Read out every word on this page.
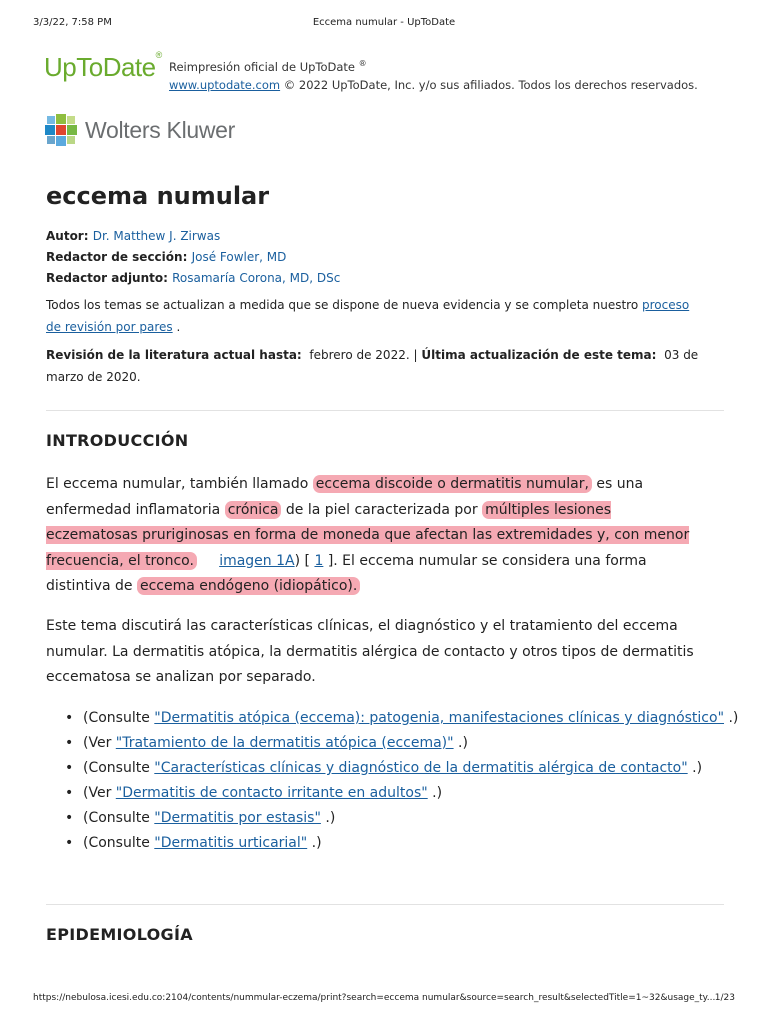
3/3/22, 7:58 PM	Eccema numular - UpToDate
UpToDate®
Reimpresión oficial de UpToDate ®
www.uptodate.com © 2022 UpToDate, Inc. y/o sus afiliados. Todos los derechos reservados.
Wolters Kluwer
eccema numular
Autor: Dr. Matthew J. Zirwas
Redactor de sección: José Fowler, MD
Redactor adjunto: Rosamaría Corona, MD, DSc
Todos los temas se actualizan a medida que se dispone de nueva evidencia y se completa nuestro proceso de revisión por pares .
Revisión de la literatura actual hasta: febrero de 2022. | Última actualización de este tema: 03 de marzo de 2020.
INTRODUCCIÓN
El eccema numular, también llamado eccema discoide o dermatitis numular, es una enfermedad inflamatoria crónica de la piel caracterizada por múltiples lesiones eczematosas pruriginosas en forma de moneda que afectan las extremidades y, con menor frecuencia, el tronco. imagen 1A) [ 1 ]. El eccema numular se considera una forma distintiva de eccema endógeno (idiopático).
Este tema discutirá las características clínicas, el diagnóstico y el tratamiento del eccema numular. La dermatitis atópica, la dermatitis alérgica de contacto y otros tipos de dermatitis eccematosa se analizan por separado.
• (Consulte "Dermatitis atópica (eccema): patogenia, manifestaciones clínicas y diagnóstico" .)
• (Ver "Tratamiento de la dermatitis atópica (eccema)" .)
• (Consulte "Características clínicas y diagnóstico de la dermatitis alérgica de contacto" .)
• (Ver "Dermatitis de contacto irritante en adultos" .)
• (Consulte "Dermatitis por estasis" .)
• (Consulte "Dermatitis urticarial" .)
EPIDEMIOLOGÍA
https://nebulosa.icesi.edu.co:2104/contents/nummular-eczema/print?search=eccema numular&source=search_result&selectedTitle=1~32&usage_ty... 1/23
